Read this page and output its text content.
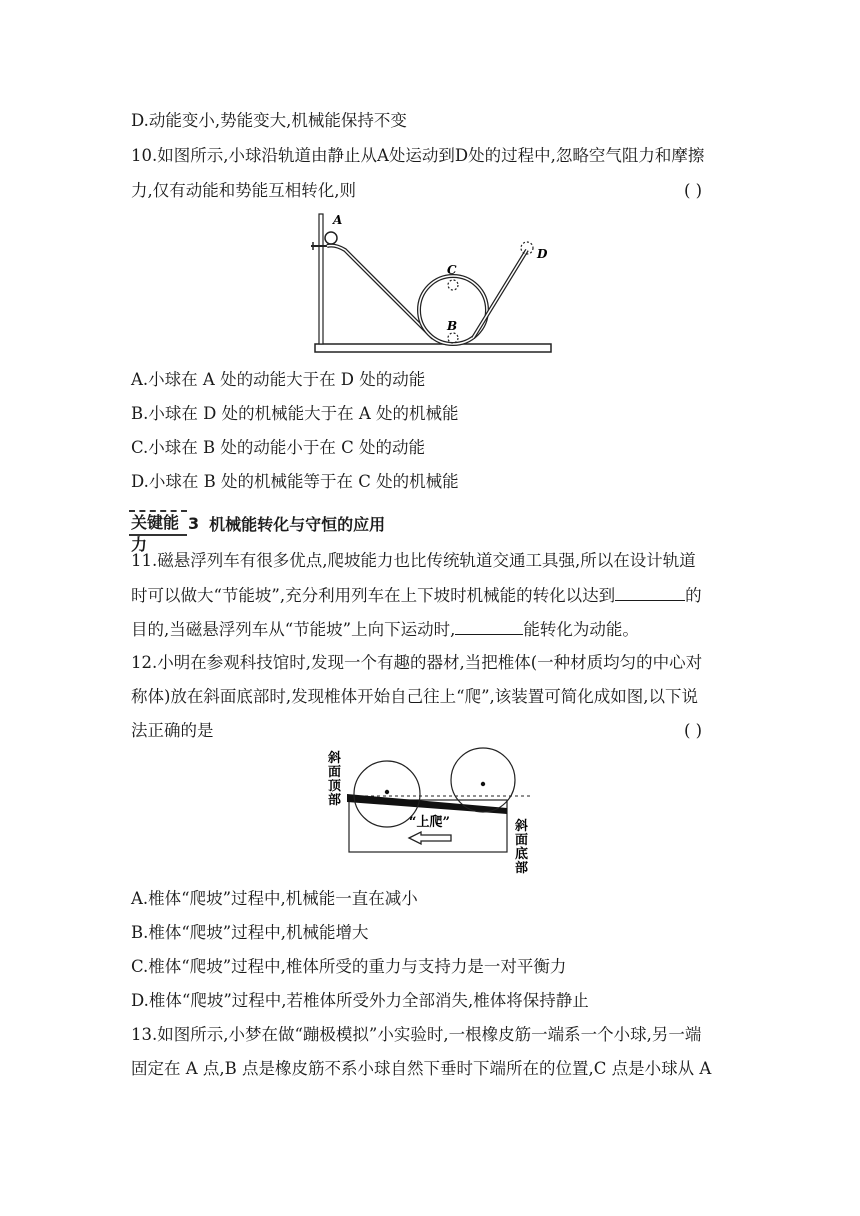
D.动能变小,势能变大,机械能保持不变
10.如图所示,小球沿轨道由静止从A处运动到D处的过程中,忽略空气阻力和摩擦
力,仅有动能和势能互相转化,则	( )
A
C
B
D
A.小球在 A 处的动能大于在 D 处的动能
B.小球在 D 处的机械能大于在 A 处的机械能
C.小球在 B 处的动能小于在 C 处的动能
D.小球在 B 处的机械能等于在 C 处的机械能
关键能力
3 机械能转化与守恒的应用
11.磁悬浮列车有很多优点,爬坡能力也比传统轨道交通工具强,所以在设计轨道
时可以做大“节能坡”,充分利用列车在上下坡时机械能的转化以达到	的
目的,当磁悬浮列车从“节能坡”上向下运动时,	能转化为动能。
12.小明在参观科技馆时,发现一个有趣的器材,当把椎体(一种材质均匀的中心对
称体)放在斜面底部时,发现椎体开始自己往上“爬”,该装置可简化成如图,以下说
法正确的是	( )
斜
面
顶
部
斜
面
底
部
“上爬”
A.椎体“爬坡”过程中,机械能一直在减小
B.椎体“爬坡”过程中,机械能增大
C.椎体“爬坡”过程中,椎体所受的重力与支持力是一对平衡力
D.椎体“爬坡”过程中,若椎体所受外力全部消失,椎体将保持静止
13.如图所示,小梦在做“蹦极模拟”小实验时,一根橡皮筋一端系一个小球,另一端
固定在 A 点,B 点是橡皮筋不系小球自然下垂时下端所在的位置,C 点是小球从 A
